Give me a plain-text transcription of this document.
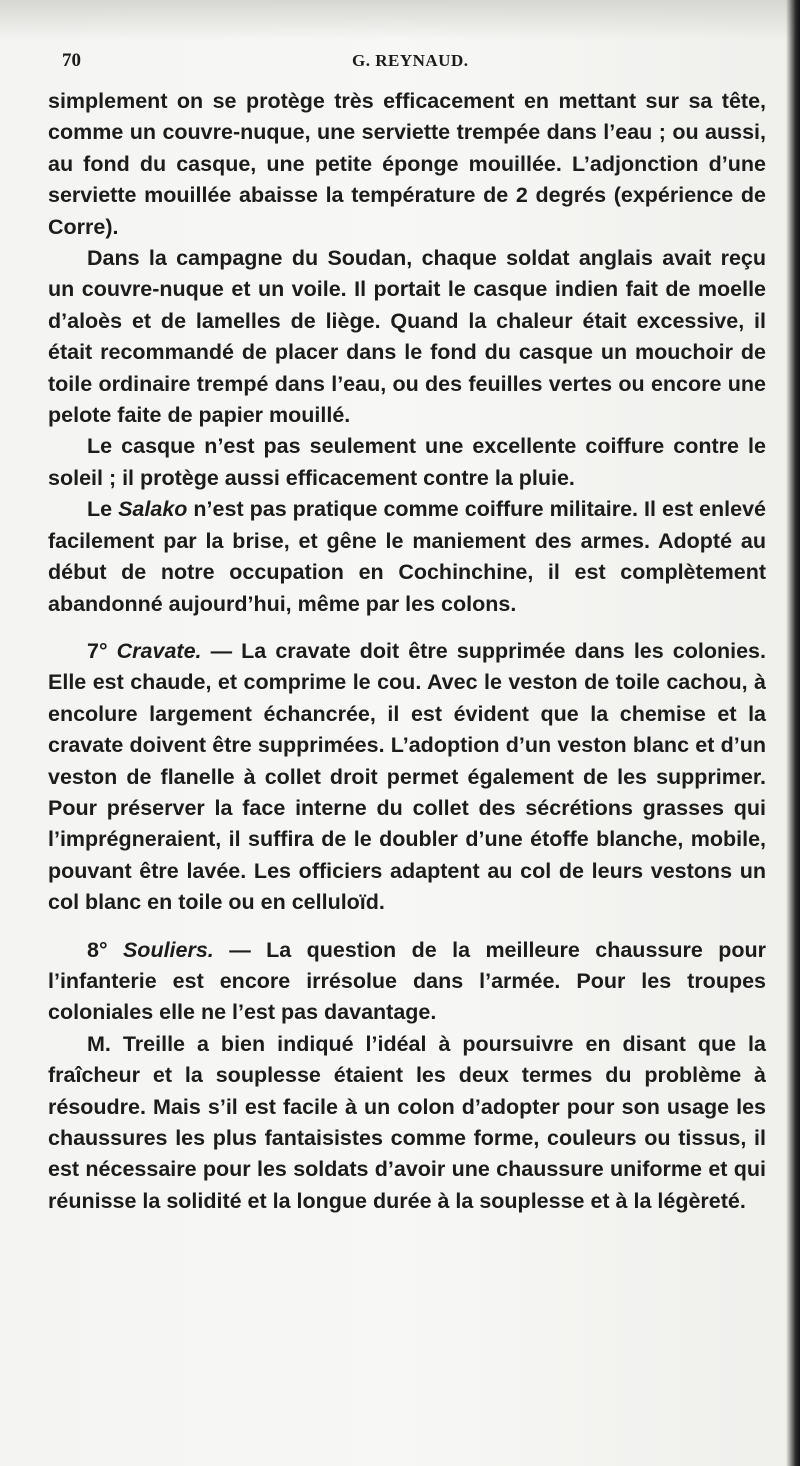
70	G. REYNAUD.

simplement on se protège très efficacement en mettant sur sa tête, comme un couvre-nuque, une serviette trempée dans l’eau ; ou aussi, au fond du casque, une petite éponge mouillée. L’adjonction d’une serviette mouillée abaisse la température de 2 degrés (expérience de Corre).

Dans la campagne du Soudan, chaque soldat anglais avait reçu un couvre-nuque et un voile. Il portait le casque indien fait de moelle d’aloès et de lamelles de liège. Quand la chaleur était excessive, il était recommandé de placer dans le fond du casque un mouchoir de toile ordinaire trempé dans l’eau, ou des feuilles vertes ou encore une pelote faite de papier mouillé.

Le casque n’est pas seulement une excellente coiffure contre le soleil ; il protège aussi efficacement contre la pluie.

Le Salako n’est pas pratique comme coiffure militaire. Il est enlevé facilement par la brise, et gêne le maniement des armes. Adopté au début de notre occupation en Cochinchine, il est complètement abandonné aujourd’hui, même par les colons.

7° Cravate. — La cravate doit être supprimée dans les colonies. Elle est chaude, et comprime le cou. Avec le veston de toile cachou, à encolure largement échancrée, il est évident que la chemise et la cravate doivent être supprimées. L’adoption d’un veston blanc et d’un veston de flanelle à collet droit permet également de les supprimer. Pour préserver la face interne du collet des sécrétions grasses qui l’imprégneraient, il suffira de le doubler d’une étoffe blanche, mobile, pouvant être lavée. Les officiers adaptent au col de leurs vestons un col blanc en toile ou en celluloïd.

8° Souliers. — La question de la meilleure chaussure pour l’infanterie est encore irrésolue dans l’armée. Pour les troupes coloniales elle ne l’est pas davantage.

M. Treille a bien indiqué l’idéal à poursuivre en disant que la fraîcheur et la souplesse étaient les deux termes du problème à résoudre. Mais s’il est facile à un colon d’adopter pour son usage les chaussures les plus fantaisistes comme forme, couleurs ou tissus, il est nécessaire pour les soldats d’avoir une chaussure uniforme et qui réunisse la solidité et la longue durée à la souplesse et à la légèreté.
